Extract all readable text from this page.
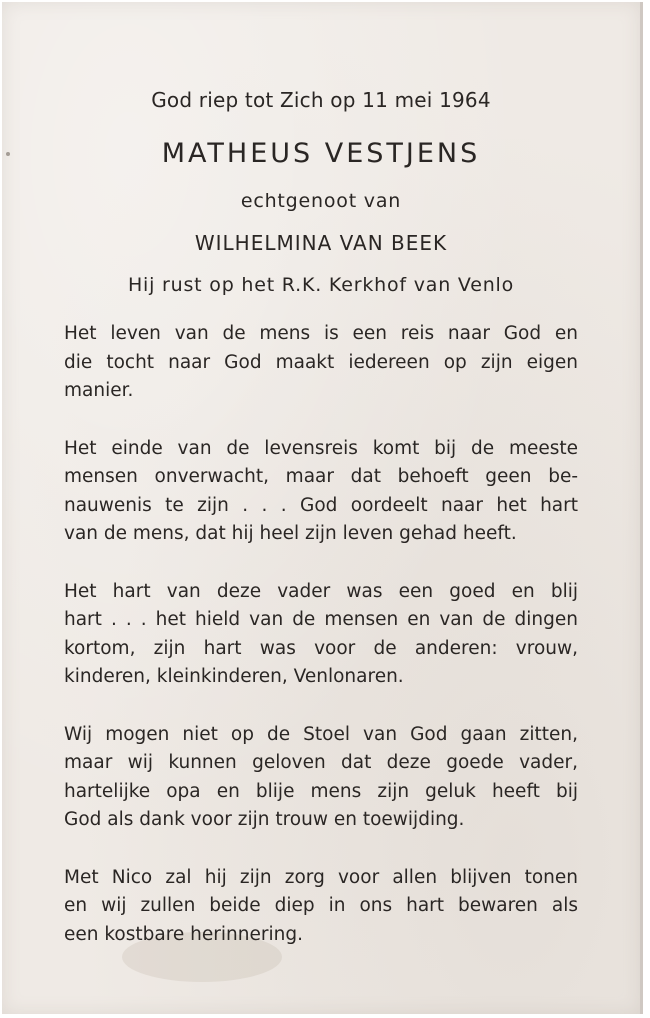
God riep tot Zich op 11 mei 1964
MATHEUS VESTJENS
echtgenoot van
WILHELMINA VAN BEEK
Hij rust op het R.K. Kerkhof van Venlo
Het leven van de mens is een reis naar God en
die tocht naar God maakt iedereen op zijn eigen
manier.
Het einde van de levensreis komt bij de meeste
mensen onverwacht, maar dat behoeft geen be-
nauwenis te zijn . . . God oordeelt naar het hart
van de mens, dat hij heel zijn leven gehad heeft.
Het hart van deze vader was een goed en blij
hart . . . het hield van de mensen en van de dingen
kortom, zijn hart was voor de anderen: vrouw,
kinderen, kleinkinderen, Venlonaren.
Wij mogen niet op de Stoel van God gaan zitten,
maar wij kunnen geloven dat deze goede vader,
hartelijke opa en blije mens zijn geluk heeft bij
God als dank voor zijn trouw en toewijding.
Met Nico zal hij zijn zorg voor allen blijven tonen
en wij zullen beide diep in ons hart bewaren als
een kostbare herinnering.
